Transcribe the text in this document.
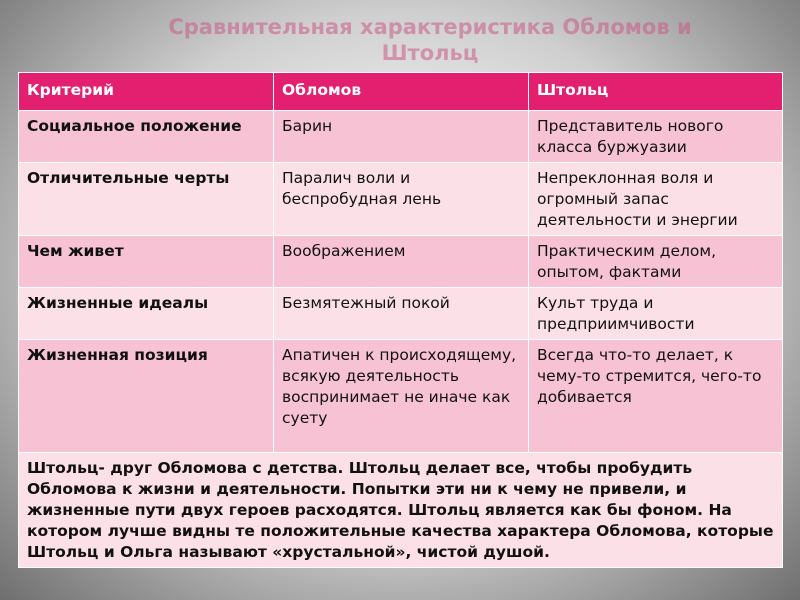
Сравнительная характеристика Обломов и Штольц
Критерий	Обломов	Штольц
Социальное положение	Барин	Представитель нового класса буржуазии
Отличительные черты	Паралич воли и беспробудная лень	Непреклонная воля и огромный запас деятельности и энергии
Чем живет	Воображением	Практическим делом, опытом, фактами
Жизненные идеалы	Безмятежный покой	Культ труда и предприимчивости
Жизненная позиция	Апатичен к происходящему, всякую деятельность воспринимает не иначе как суету	Всегда что-то делает, к чему-то стремится, чего-то добивается
Штольц- друг Обломова с детства. Штольц делает все, чтобы пробудить Обломова к жизни и деятельности. Попытки эти ни к чему не привели, и жизненные пути двух героев расходятся. Штольц является как бы фоном. На котором лучше видны те положительные качества характера Обломова, которые Штольц и Ольга называют «хрустальной», чистой душой.		
